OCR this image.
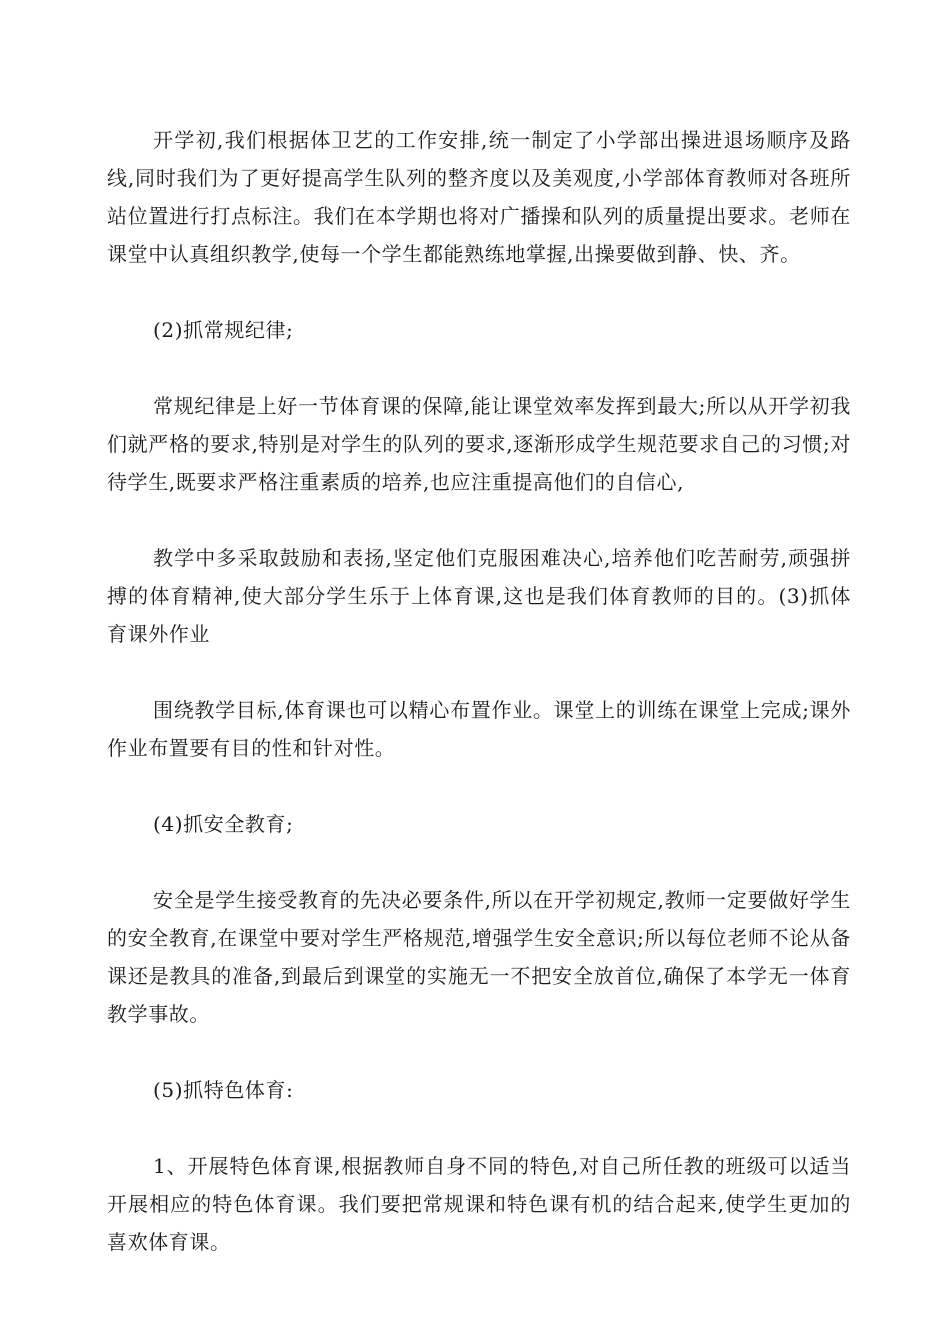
开学初,我们根据体卫艺的工作安排,统一制定了小学部出操进退场顺序及路线,同时我们为了更好提高学生队列的整齐度以及美观度,小学部体育教师对各班所站位置进行打点标注。我们在本学期也将对广播操和队列的质量提出要求。老师在课堂中认真组织教学,使每一个学生都能熟练地掌握,出操要做到静、快、齐。

(2)抓常规纪律;

常规纪律是上好一节体育课的保障,能让课堂效率发挥到最大;所以从开学初我们就严格的要求,特别是对学生的队列的要求,逐渐形成学生规范要求自己的习惯;对待学生,既要求严格注重素质的培养,也应注重提高他们的自信心,

教学中多采取鼓励和表扬,坚定他们克服困难决心,培养他们吃苦耐劳,顽强拼搏的体育精神,使大部分学生乐于上体育课,这也是我们体育教师的目的。(3)抓体育课外作业

围绕教学目标,体育课也可以精心布置作业。课堂上的训练在课堂上完成;课外作业布置要有目的性和针对性。

(4)抓安全教育;

安全是学生接受教育的先决必要条件,所以在开学初规定,教师一定要做好学生的安全教育,在课堂中要对学生严格规范,增强学生安全意识;所以每位老师不论从备课还是教具的准备,到最后到课堂的实施无一不把安全放首位,确保了本学无一体育教学事故。

(5)抓特色体育:

1、开展特色体育课,根据教师自身不同的特色,对自己所任教的班级可以适当开展相应的特色体育课。我们要把常规课和特色课有机的结合起来,使学生更加的喜欢体育课。
